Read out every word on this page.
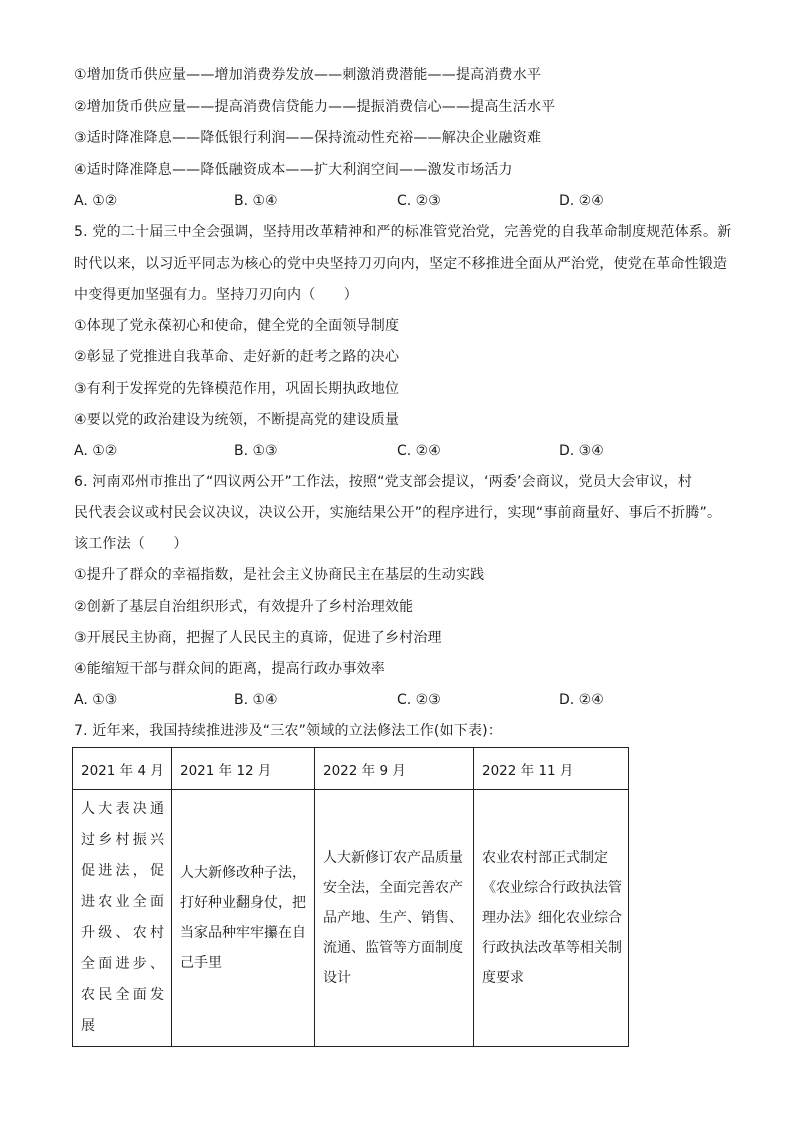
①增加货币供应量——增加消费券发放——刺激消费潜能——提高消费水平
②增加货币供应量——提高消费信贷能力——提振消费信心——提高生活水平
③适时降准降息——降低银行利润——保持流动性充裕——解决企业融资难
④适时降准降息——降低融资成本——扩大利润空间——激发市场活力
A. ①②	B. ①④	C. ②③	D. ②④
5. 党的二十届三中全会强调，坚持用改革精神和严的标准管党治党，完善党的自我革命制度规范体系。新
时代以来，以习近平同志为核心的党中央坚持刀刃向内，坚定不移推进全面从严治党，使党在革命性锻造
中变得更加坚强有力。坚持刀刃向内（　　）
①体现了党永葆初心和使命，健全党的全面领导制度
②彰显了党推进自我革命、走好新的赶考之路的决心
③有利于发挥党的先锋模范作用，巩固长期执政地位
④要以党的政治建设为统领，不断提高党的建设质量
A. ①②	B. ①③	C. ②④	D. ③④
6. 河南邓州市推出了“四议两公开”工作法，按照“党支部会提议，‘两委’会商议，党员大会审议，村
民代表会议或村民会议决议，决议公开，实施结果公开”的程序进行，实现“事前商量好、事后不折腾”。
该工作法（　　）
①提升了群众的幸福指数，是社会主义协商民主在基层的生动实践
②创新了基层自治组织形式，有效提升了乡村治理效能
③开展民主协商，把握了人民民主的真谛，促进了乡村治理
④能缩短干部与群众间的距离，提高行政办事效率
A. ①③	B. ①④	C. ②③	D. ②④
7. 近年来，我国持续推进涉及“三农”领域的立法修法工作(如下表)：
2021 年 4 月	2021 年 12 月	2022 年 9 月	2022 年 11 月
人大表决通过乡村振兴促进法，促进农业全面升级、农村全面进步、农民全面发展	人大新修改种子法，打好种业翻身仗，把当家品种牢牢攥在自己手里	人大新修订农产品质量安全法，全面完善农产品产地、生产、销售、流通、监管等方面制度设计	农业农村部正式制定《农业综合行政执法管理办法》细化农业综合行政执法改革等相关制度要求
